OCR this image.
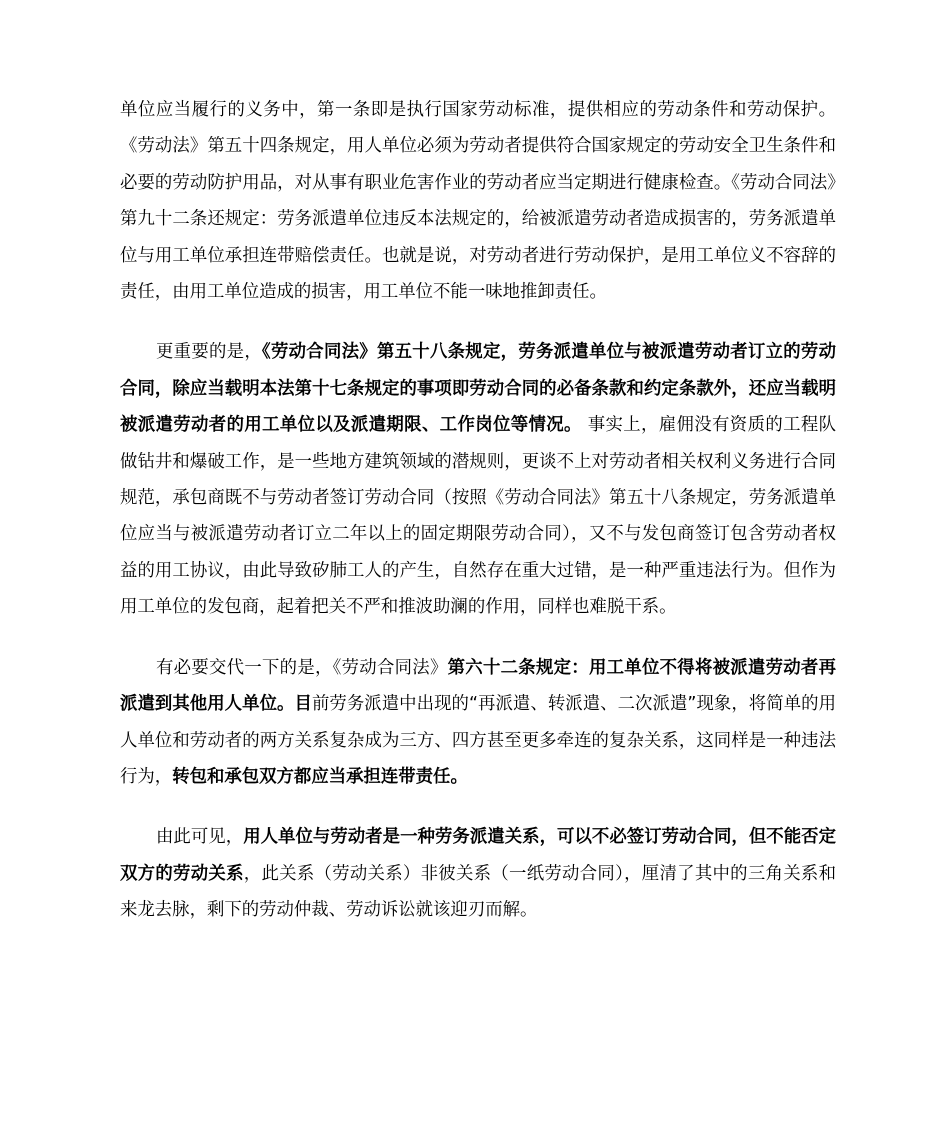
单位应当履行的义务中，第一条即是执行国家劳动标准，提供相应的劳动条件和劳动保护。《劳动法》第五十四条规定，用人单位必须为劳动者提供符合国家规定的劳动安全卫生条件和必要的劳动防护用品，对从事有职业危害作业的劳动者应当定期进行健康检查。《劳动合同法》第九十二条还规定：劳务派遣单位违反本法规定的，给被派遣劳动者造成损害的，劳务派遣单位与用工单位承担连带赔偿责任。也就是说，对劳动者进行劳动保护，是用工单位义不容辞的责任，由用工单位造成的损害，用工单位不能一味地推卸责任。

更重要的是，《劳动合同法》第五十八条规定，劳务派遣单位与被派遣劳动者订立的劳动合同，除应当载明本法第十七条规定的事项即劳动合同的必备条款和约定条款外，还应当载明被派遣劳动者的用工单位以及派遣期限、工作岗位等情况。 事实上，雇佣没有资质的工程队做钻井和爆破工作，是一些地方建筑领域的潜规则，更谈不上对劳动者相关权利义务进行合同规范，承包商既不与劳动者签订劳动合同（按照《劳动合同法》第五十八条规定，劳务派遣单位应当与被派遣劳动者订立二年以上的固定期限劳动合同），又不与发包商签订包含劳动者权益的用工协议，由此导致矽肺工人的产生，自然存在重大过错，是一种严重违法行为。但作为用工单位的发包商，起着把关不严和推波助澜的作用，同样也难脱干系。

有必要交代一下的是，《劳动合同法》第六十二条规定：用工单位不得将被派遣劳动者再派遣到其他用人单位。目前劳务派遣中出现的“再派遣、转派遣、二次派遣”现象，将简单的用人单位和劳动者的两方关系复杂成为三方、四方甚至更多牵连的复杂关系，这同样是一种违法行为，转包和承包双方都应当承担连带责任。

由此可见，用人单位与劳动者是一种劳务派遣关系，可以不必签订劳动合同，但不能否定双方的劳动关系，此关系（劳动关系）非彼关系（一纸劳动合同），厘清了其中的三角关系和来龙去脉，剩下的劳动仲裁、劳动诉讼就该迎刃而解。
